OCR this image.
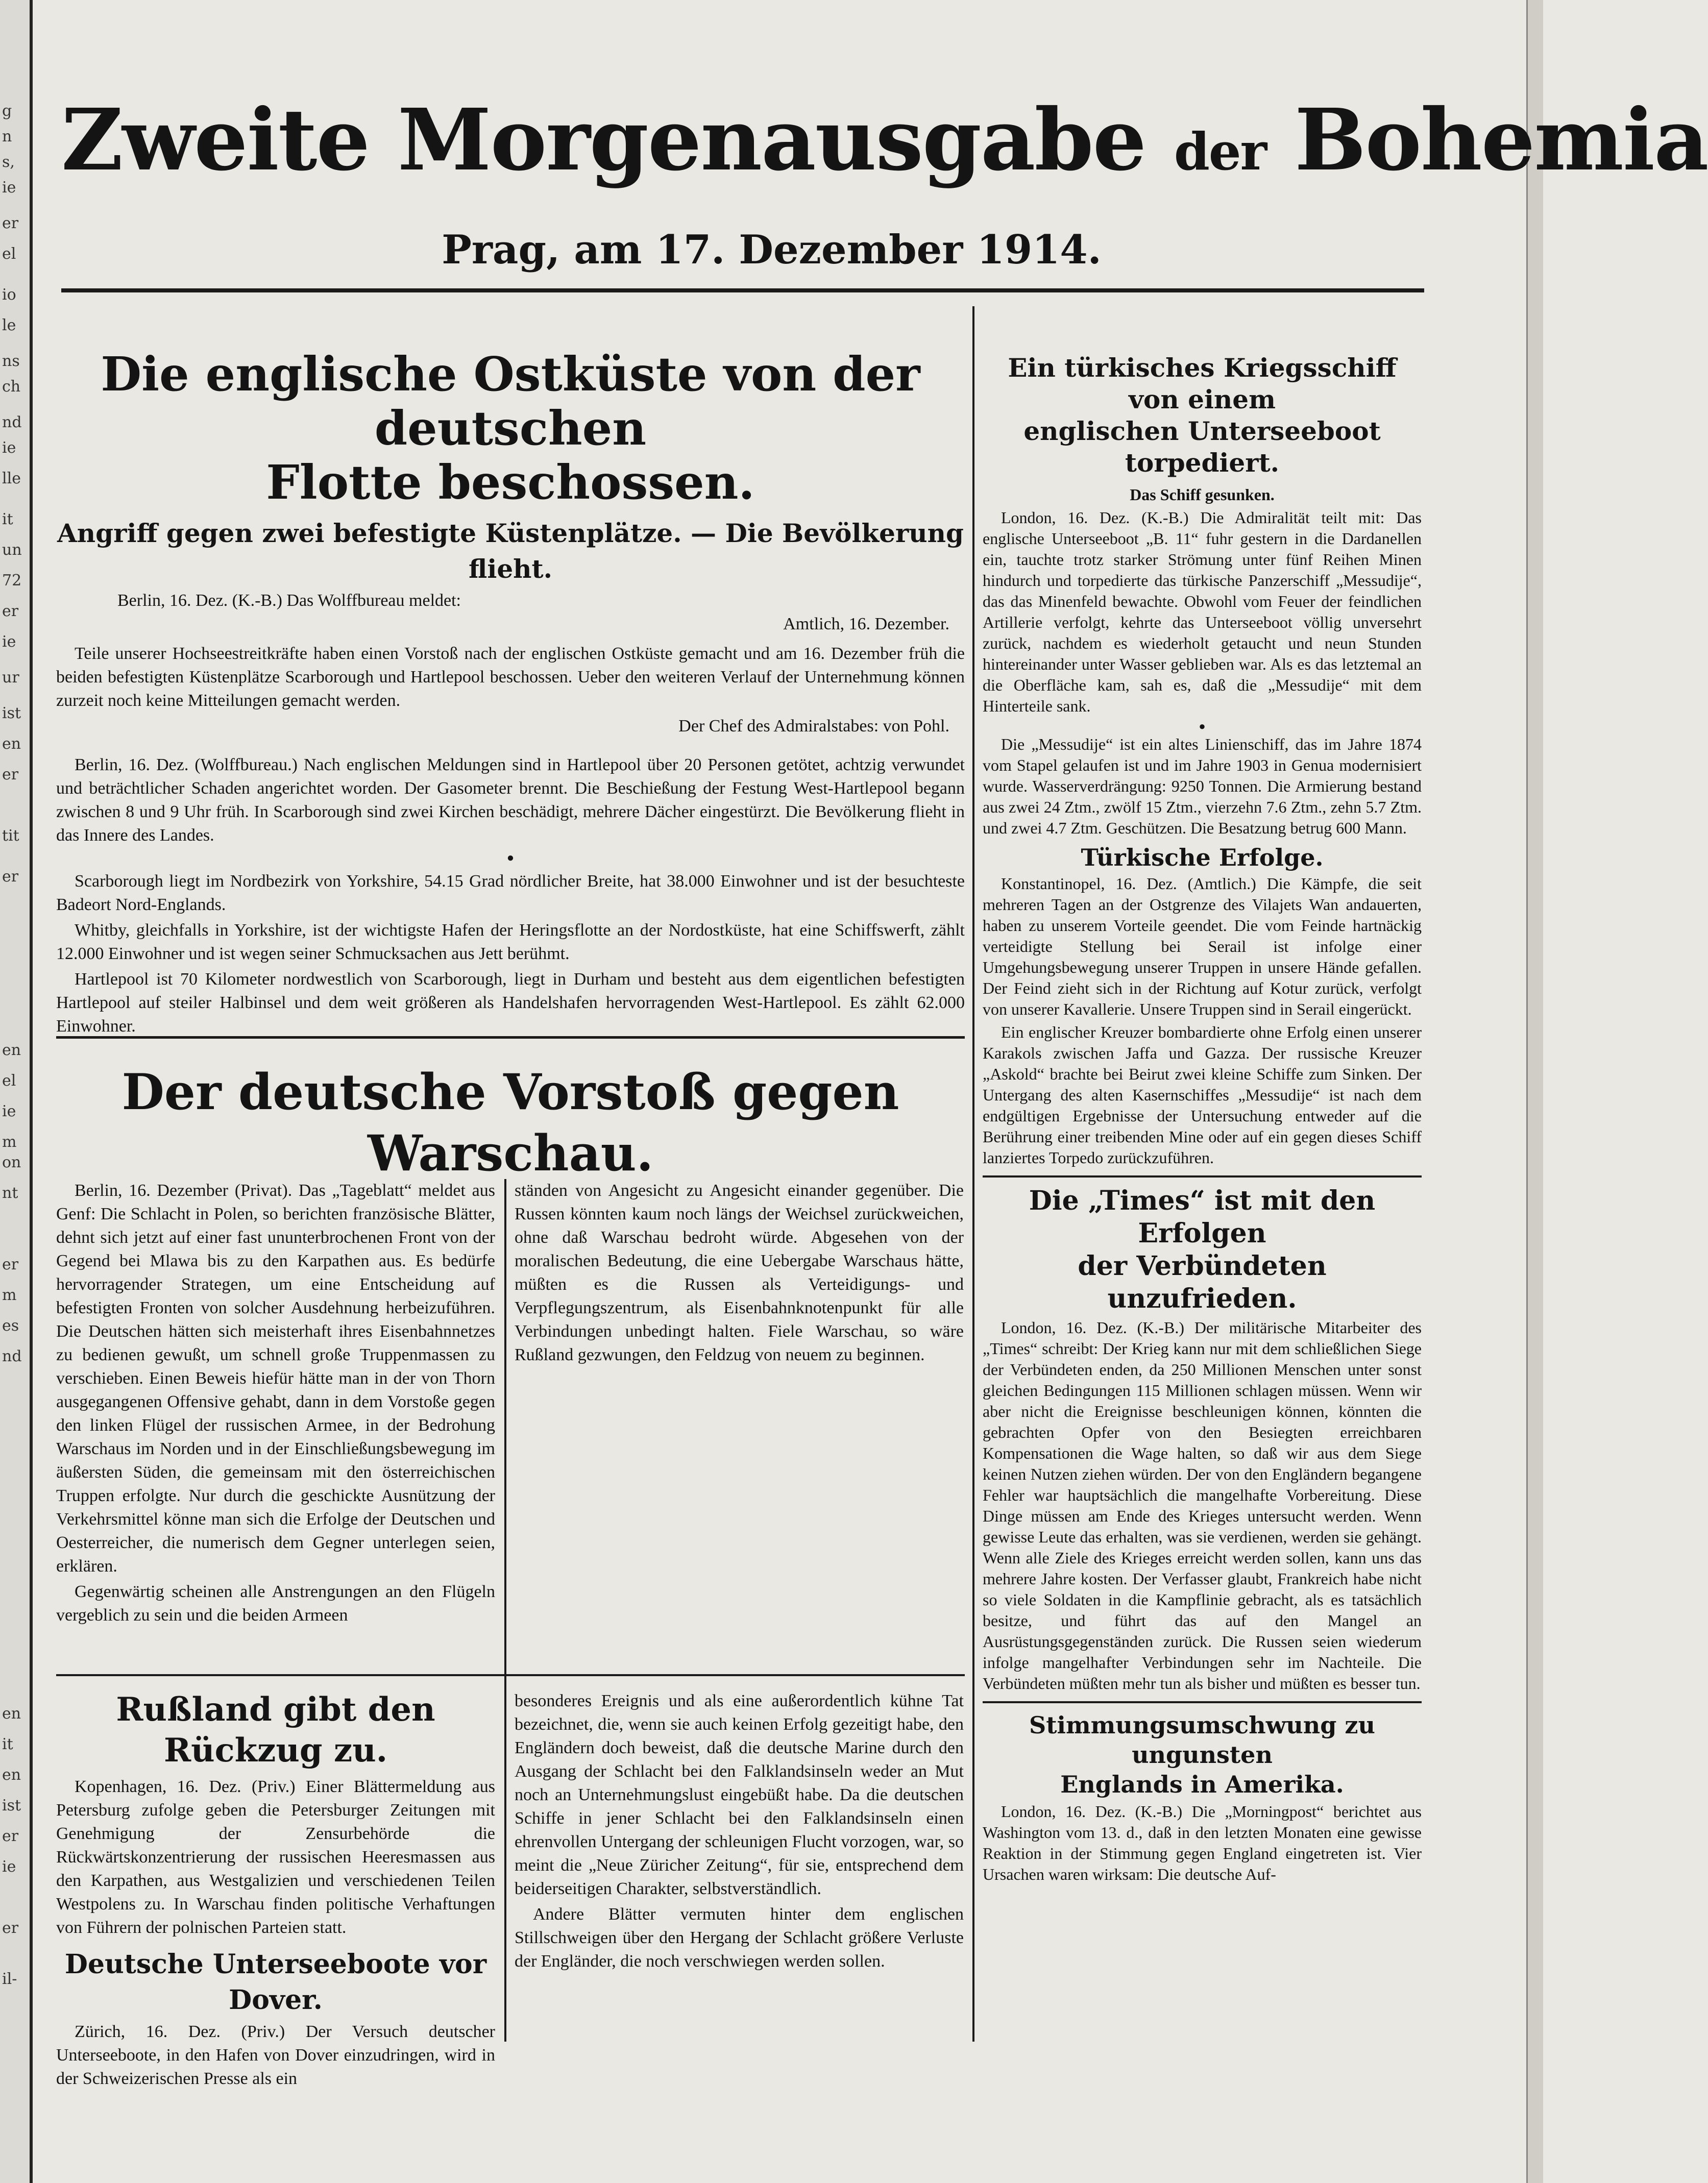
g
n
s,
ie
er
el
io
le
ns
ch
nd
ie
lle
it
un
72
er
ie
ur
ist
en
er
tit
er
en
el
ie
m
on
nt
er
m
es
nd
en
it
en
ist
er
ie
er
il-
Zweite Morgenausgabe der Bohemia
Prag, am 17. Dezember 1914.
Die englische Ostküste von der deutschen
Flotte beschossen.
Angriff gegen zwei befestigte Küstenplätze. — Die Bevölkerung flieht.
Berlin, 16. Dez. (K.-B.) Das Wolffbureau meldet:
Amtlich, 16. Dezember.

Teile unserer Hochseestreitkräfte haben einen Vorstoß nach der englischen Ostküste gemacht und am 16. Dezember früh die beiden befestigten Küstenplätze Scarborough und Hartlepool beschossen. Ueber den weiteren Verlauf der Unternehmung können zurzeit noch keine Mitteilungen gemacht werden.

Der Chef des Admiralstabes: von Pohl.

Berlin, 16. Dez. (Wolffbureau.) Nach englischen Meldungen sind in Hartlepool über 20 Personen getötet, achtzig verwundet und beträchtlicher Schaden angerichtet worden. Der Gasometer brennt. Die Beschießung der Festung West-Hartlepool begann zwischen 8 und 9 Uhr früh. In Scarborough sind zwei Kirchen beschädigt, mehrere Dächer eingestürzt. Die Bevölkerung flieht in das Innere des Landes.

●

Scarborough liegt im Nordbezirk von Yorkshire, 54.15 Grad nördlicher Breite, hat 38.000 Einwohner und ist der besuchteste Badeort Nord-Englands.

Whitby, gleichfalls in Yorkshire, ist der wichtigste Hafen der Heringsflotte an der Nordostküste, hat eine Schiffswerft, zählt 12.000 Einwohner und ist wegen seiner Schmucksachen aus Jett berühmt.

Hartlepool ist 70 Kilometer nordwestlich von Scarborough, liegt in Durham und besteht aus dem eigentlichen befestigten Hartlepool auf steiler Halbinsel und dem weit größeren als Handelshafen hervorragenden West-Hartlepool. Es zählt 62.000 Einwohner.

Der deutsche Vorstoß gegen Warschau.

Berlin, 16. Dezember (Privat). Das „Tageblatt“ meldet aus Genf: Die Schlacht in Polen, so berichten französische Blätter, dehnt sich jetzt auf einer fast ununterbrochenen Front von der Gegend bei Mlawa bis zu den Karpathen aus. Es bedürfe hervorragender Strategen, um eine Entscheidung auf befestigten Fronten von solcher Ausdehnung herbeizuführen. Die Deutschen hätten sich meisterhaft ihres Eisenbahnnetzes zu bedienen gewußt, um schnell große Truppenmassen zu verschieben. Einen Beweis hiefür hätte man in der von Thorn ausgegangenen Offensive gehabt, dann in dem Vorstoße gegen den linken Flügel der russischen Armee, in der Bedrohung Warschaus im Norden und in der Einschließungsbewegung im äußersten Süden, die gemeinsam mit den österreichischen Truppen erfolgte. Nur durch die geschickte Ausnützung der Verkehrsmittel könne man sich die Erfolge der Deutschen und Oesterreicher, die numerisch dem Gegner unterlegen seien, erklären.

Gegenwärtig scheinen alle Anstrengungen an den Flügeln vergeblich zu sein und die beiden Armeen

ständen von Angesicht zu Angesicht einander gegenüber. Die Russen könnten kaum noch längs der Weichsel zurückweichen, ohne daß Warschau bedroht würde. Abgesehen von der moralischen Bedeutung, die eine Uebergabe Warschaus hätte, müßten es die Russen als Verteidigungs- und Verpflegungszentrum, als Eisenbahnknotenpunkt für alle Verbindungen unbedingt halten. Fiele Warschau, so wäre Rußland gezwungen, den Feldzug von neuem zu beginnen.

Rußland gibt den Rückzug zu.

Kopenhagen, 16. Dez. (Priv.) Einer Blättermeldung aus Petersburg zufolge geben die Petersburger Zeitungen mit Genehmigung der Zensurbehörde die Rückwärtskonzentrierung der russischen Heeresmassen aus den Karpathen, aus Westgalizien und verschiedenen Teilen Westpolens zu. In Warschau finden politische Verhaftungen von Führern der polnischen Parteien statt.

Deutsche Unterseeboote vor Dover.

Zürich, 16. Dez. (Priv.) Der Versuch deutscher Unterseeboote, in den Hafen von Dover einzudringen, wird in der Schweizerischen Presse als ein

besonderes Ereignis und als eine außerordentlich kühne Tat bezeichnet, die, wenn sie auch keinen Erfolg gezeitigt habe, den Engländern doch beweist, daß die deutsche Marine durch den Ausgang der Schlacht bei den Falklandsinseln weder an Mut noch an Unternehmungslust eingebüßt habe. Da die deutschen Schiffe in jener Schlacht bei den Falklandsinseln einen ehrenvollen Untergang der schleunigen Flucht vorzogen, war, so meint die „Neue Züricher Zeitung“, für sie, entsprechend dem beiderseitigen Charakter, selbstverständlich.

Andere Blätter vermuten hinter dem englischen Stillschweigen über den Hergang der Schlacht größere Verluste der Engländer, die noch verschwiegen werden sollen.

Ein türkisches Kriegsschiff von einem
englischen Unterseeboot torpediert.
Das Schiff gesunken.

London, 16. Dez. (K.-B.) Die Admiralität teilt mit: Das englische Unterseeboot „B. 11“ fuhr gestern in die Dardanellen ein, tauchte trotz starker Strömung unter fünf Reihen Minen hindurch und torpedierte das türkische Panzerschiff „Messudije“, das das Minenfeld bewachte. Obwohl vom Feuer der feindlichen Artillerie verfolgt, kehrte das Unterseeboot völlig unversehrt zurück, nachdem es wiederholt getaucht und neun Stunden hintereinander unter Wasser geblieben war. Als es das letztemal an die Oberfläche kam, sah es, daß die „Messudije“ mit dem Hinterteile sank.

●

Die „Messudije“ ist ein altes Linienschiff, das im Jahre 1874 vom Stapel gelaufen ist und im Jahre 1903 in Genua modernisiert wurde. Wasserverdrängung: 9250 Tonnen. Die Armierung bestand aus zwei 24 Ztm., zwölf 15 Ztm., vierzehn 7.6 Ztm., zehn 5.7 Ztm. und zwei 4.7 Ztm. Geschützen. Die Besatzung betrug 600 Mann.

Türkische Erfolge.

Konstantinopel, 16. Dez. (Amtlich.) Die Kämpfe, die seit mehreren Tagen an der Ostgrenze des Vilajets Wan andauerten, haben zu unserem Vorteile geendet. Die vom Feinde hartnäckig verteidigte Stellung bei Serail ist infolge einer Umgehungsbewegung unserer Truppen in unsere Hände gefallen. Der Feind zieht sich in der Richtung auf Kotur zurück, verfolgt von unserer Kavallerie. Unsere Truppen sind in Serail eingerückt.

Ein englischer Kreuzer bombardierte ohne Erfolg einen unserer Karakols zwischen Jaffa und Gazza. Der russische Kreuzer „Askold“ brachte bei Beirut zwei kleine Schiffe zum Sinken. Der Untergang des alten Kasernschiffes „Messudije“ ist nach dem endgültigen Ergebnisse der Untersuchung entweder auf die Berührung einer treibenden Mine oder auf ein gegen dieses Schiff lanziertes Torpedo zurückzuführen.

Die „Times“ ist mit den Erfolgen
der Verbündeten unzufrieden.

London, 16. Dez. (K.-B.) Der militärische Mitarbeiter des „Times“ schreibt: Der Krieg kann nur mit dem schließlichen Siege der Verbündeten enden, da 250 Millionen Menschen unter sonst gleichen Bedingungen 115 Millionen schlagen müssen. Wenn wir aber nicht die Ereignisse beschleunigen können, könnten die gebrachten Opfer von den Besiegten erreichbaren Kompensationen die Wage halten, so daß wir aus dem Siege keinen Nutzen ziehen würden. Der von den Engländern begangene Fehler war hauptsächlich die mangelhafte Vorbereitung. Diese Dinge müssen am Ende des Krieges untersucht werden. Wenn gewisse Leute das erhalten, was sie verdienen, werden sie gehängt. Wenn alle Ziele des Krieges erreicht werden sollen, kann uns das mehrere Jahre kosten. Der Verfasser glaubt, Frankreich habe nicht so viele Soldaten in die Kampflinie gebracht, als es tatsächlich besitze, und führt das auf den Mangel an Ausrüstungsgegenständen zurück. Die Russen seien wiederum infolge mangelhafter Verbindungen sehr im Nachteile. Die Verbündeten müßten mehr tun als bisher und müßten es besser tun.

Stimmungsumschwung zu ungunsten
Englands in Amerika.

London, 16. Dez. (K.-B.) Die „Morningpost“ berichtet aus Washington vom 13. d., daß in den letzten Monaten eine gewisse Reaktion in der Stimmung gegen England eingetreten ist. Vier Ursachen waren wirksam: Die deutsche Auf-
